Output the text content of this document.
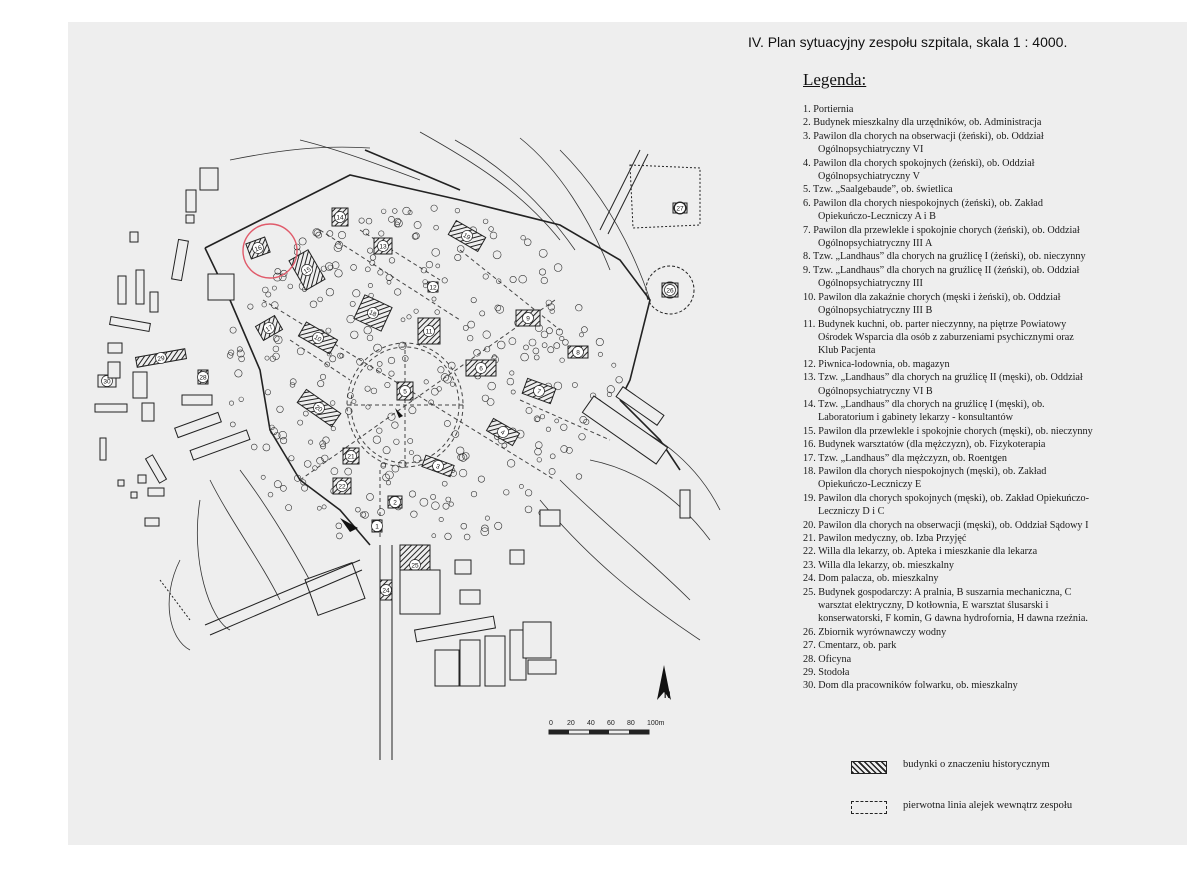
1
2
3
4
5
6
7
8
9
10
11
12
13
14
15
16
17
18
19
20
21
22
24
25
26
27
28
29
30
IV. Plan sytuacyjny zespołu szpitala, skala 1 : 4000.
Legenda:
1. Portiernia
2. Budynek mieszkalny dla urzędników, ob. Administracja
3. Pawilon dla chorych na obserwacji (żeński), ob. Oddział Ogólnopsychiatryczny VI
4. Pawilon dla chorych spokojnych (żeński), ob. Oddział Ogólnopsychiatryczny V
5. Tzw. „Saalgebaude”, ob. świetlica
6. Pawilon dla chorych niespokojnych (żeński), ob. Zakład Opiekuńczo-Leczniczy A i B
7. Pawilon dla przewlekle i spokojnie chorych (żeński), ob. Oddział Ogólnopsychiatryczny III A
8. Tzw. „Landhaus” dla chorych na gruźlicę I (żeński), ob. nieczynny
9. Tzw. „Landhaus” dla chorych na gruźlicę II (żeński), ob. Oddział Ogólnopsychiatryczny III
10. Pawilon dla zakaźnie chorych (męski i żeński), ob. Oddział Ogólnopsychiatryczny III B
11. Budynek kuchni, ob. parter nieczynny, na piętrze Powiatowy Ośrodek Wsparcia dla osób z zaburzeniami psychicznymi oraz Klub Pacjenta
12. Piwnica-lodownia, ob. magazyn
13. Tzw. „Landhaus” dla chorych na gruźlicę II (męski), ob. Oddział Ogólnopsychiatryczny VI B
14. Tzw. „Landhaus” dla chorych na gruźlicę I (męski), ob. Laboratorium i gabinety lekarzy - konsultantów
15. Pawilon dla przewlekle i spokojnie chorych (męski), ob. nieczynny
16. Budynek warsztatów (dla mężczyzn), ob. Fizykoterapia
17. Tzw. „Landhaus” dla mężczyzn, ob. Roentgen
18. Pawilon dla chorych niespokojnych (męski), ob. Zakład Opiekuńczo-Leczniczy E
19. Pawilon dla chorych spokojnych (męski), ob. Zakład Opiekuńczo-Leczniczy D i C
20. Pawilon dla chorych na obserwacji (męski), ob. Oddział Sądowy I
21. Pawilon medyczny, ob. Izba Przyjęć
22. Willa dla lekarzy, ob. Apteka i mieszkanie dla lekarza
23. Willa dla lekarzy, ob. mieszkalny
24. Dom palacza, ob. mieszkalny
25. Budynek gospodarczy: A pralnia, B suszarnia mechaniczna, C warsztat elektryczny, D kotłownia, E warsztat ślusarski i konserwatorski, F komin, G dawna hydrofornia, H dawna rzeźnia.
26. Zbiornik wyrównawczy wodny
27. Cmentarz, ob. park
28. Oficyna
29. Stodoła
30. Dom dla pracowników folwarku, ob. mieszkalny
budynki o znaczeniu historycznym
pierwotna linia alejek wewnątrz zespołu
0 20 40 60 80 100m
N
